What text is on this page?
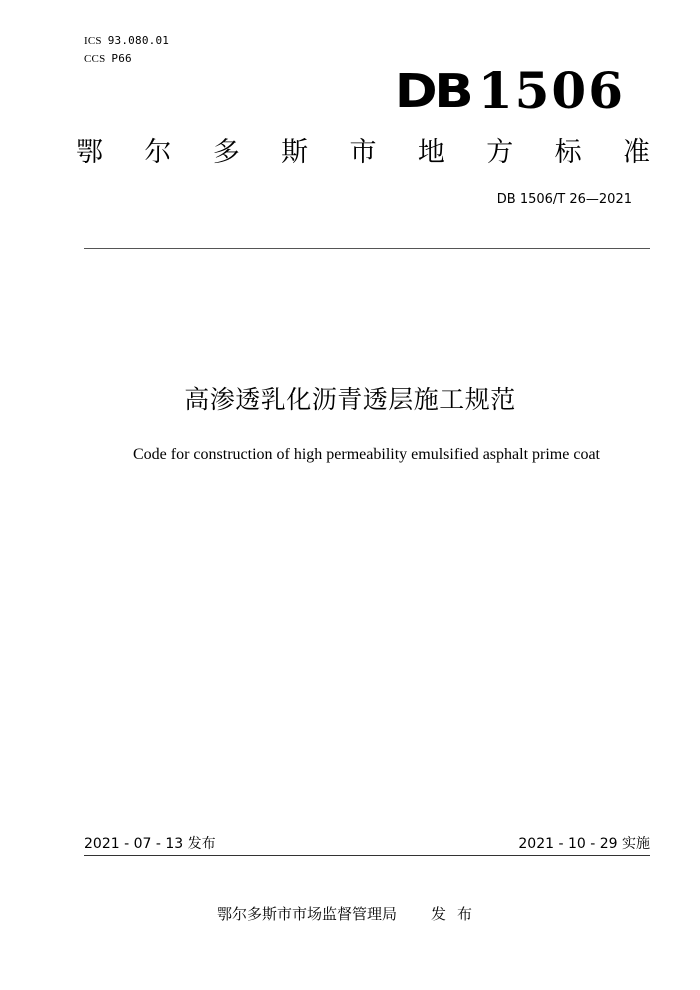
ICS 93.080.01
CCS P66
DB 1506
鄂 尔 多 斯 市 地 方 标 准
DB 1506/T 26—2021
高渗透乳化沥青透层施工规范
Code for construction of high permeability emulsified asphalt prime coat
2021 - 07 - 13 发布	2021 - 10 - 29 实施
鄂尔多斯市市场监督管理局 发布
